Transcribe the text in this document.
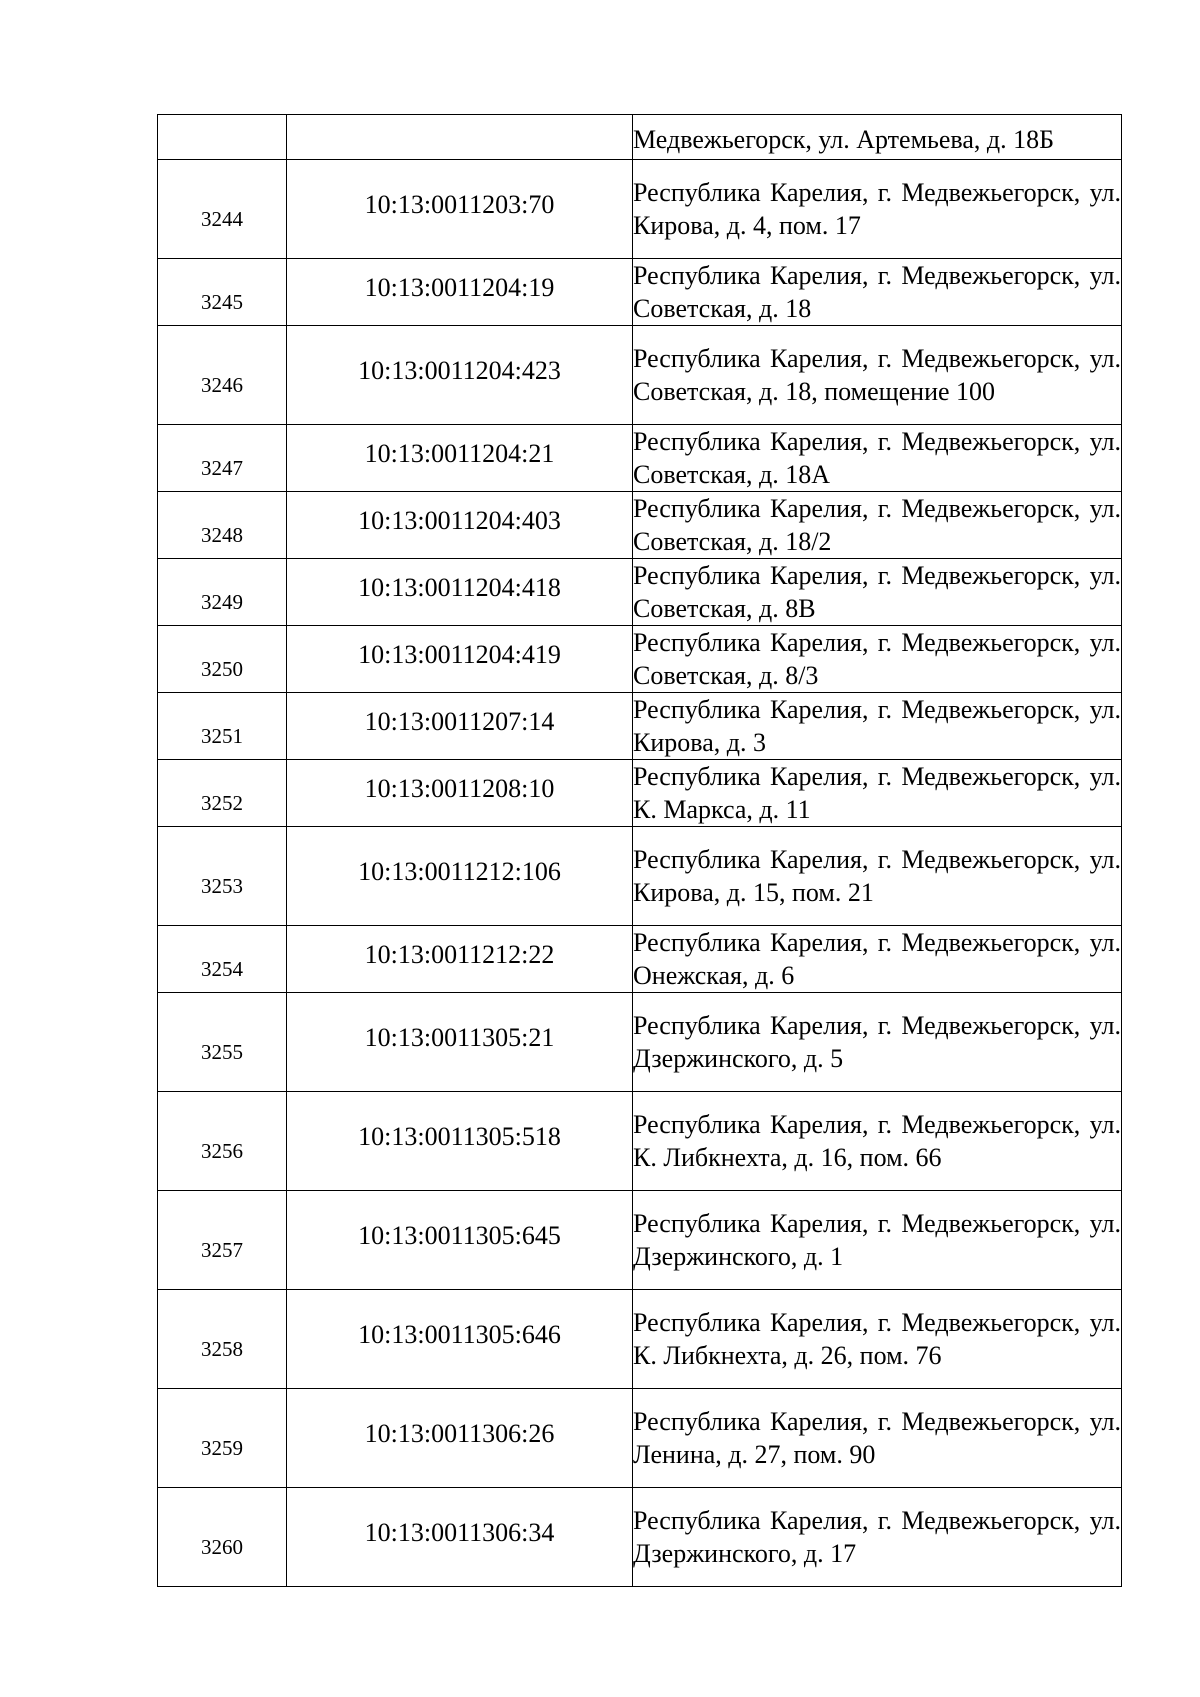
		Медвежьегорск, ул. Артемьева, д. 18Б
3244	10:13:0011203:70	Республика Карелия, г. Медвежьегорск, ул. Кирова, д. 4, пом. 17
3245	10:13:0011204:19	Республика Карелия, г. Медвежьегорск, ул. Советская, д. 18
3246	10:13:0011204:423	Республика Карелия, г. Медвежьегорск, ул. Советская, д. 18, помещение 100
3247	10:13:0011204:21	Республика Карелия, г. Медвежьегорск, ул. Советская, д. 18А
3248	10:13:0011204:403	Республика Карелия, г. Медвежьегорск, ул. Советская, д. 18/2
3249	10:13:0011204:418	Республика Карелия, г. Медвежьегорск, ул. Советская, д. 8В
3250	10:13:0011204:419	Республика Карелия, г. Медвежьегорск, ул. Советская, д. 8/3
3251	10:13:0011207:14	Республика Карелия, г. Медвежьегорск, ул. Кирова, д. 3
3252	10:13:0011208:10	Республика Карелия, г. Медвежьегорск, ул. К. Маркса, д. 11
3253	10:13:0011212:106	Республика Карелия, г. Медвежьегорск, ул. Кирова, д. 15, пом. 21
3254	10:13:0011212:22	Республика Карелия, г. Медвежьегорск, ул. Онежская, д. 6
3255	10:13:0011305:21	Республика Карелия, г. Медвежьегорск, ул. Дзержинского, д. 5
3256	10:13:0011305:518	Республика Карелия, г. Медвежьегорск, ул. К. Либкнехта, д. 16, пом. 66
3257	10:13:0011305:645	Республика Карелия, г. Медвежьегорск, ул. Дзержинского, д. 1
3258	10:13:0011305:646	Республика Карелия, г. Медвежьегорск, ул. К. Либкнехта, д. 26, пом. 76
3259	10:13:0011306:26	Республика Карелия, г. Медвежьегорск, ул. Ленина, д. 27, пом. 90
3260	10:13:0011306:34	Республика Карелия, г. Медвежьегорск, ул. Дзержинского, д. 17
